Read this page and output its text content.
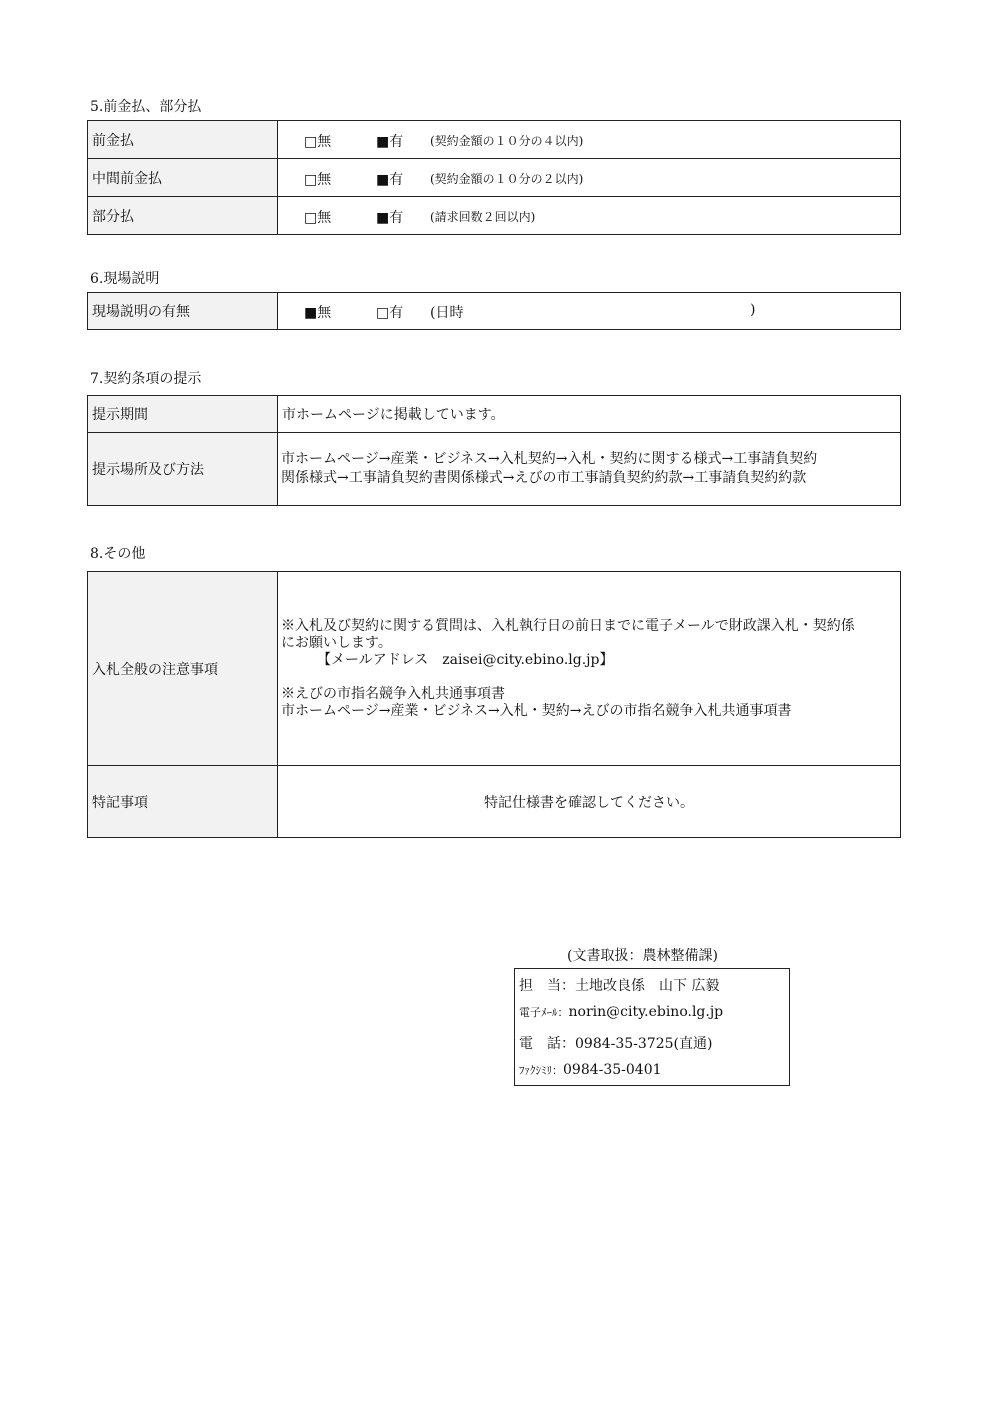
5.前金払、部分払
前金払	□無 ■有 (契約金額の１０分の４以内)

中間前金払	□無 ■有 (契約金額の１０分の２以内)

部分払	□無 ■有 (請求回数２回以内)
6.現場説明
現場説明の有無	■無	□有 (日時	)
7.契約条項の提示
提示期間	市ホームページに掲載しています。
提示場所及び方法	市ホームページ→産業・ビジネス→入札契約→入札・契約に関する様式→工事請負契約
関係様式→工事請負契約書関係様式→えびの市工事請負契約約款→工事請負契約約款
8.その他
入札全般の注意事項	※入札及び契約に関する質問は、入札執行日の前日までに電子メールで財政課入札・契約係
にお願いします。
【メールアドレス　zaisei@city.ebino.lg.jp】
※えびの市指名競争入札共通事項書
市ホームページ→産業・ビジネス→入札・契約→えびの市指名競争入札共通事項書

特記事項	特記仕様書を確認してください。
(文書取扱：農林整備課)
担　当：土地改良係　山下 広毅
電子ﾒｰﾙ：norin@city.ebino.lg.jp
電　話：0984-35-3725(直通)
ﾌｧｸｼﾐﾘ：0984-35-0401
